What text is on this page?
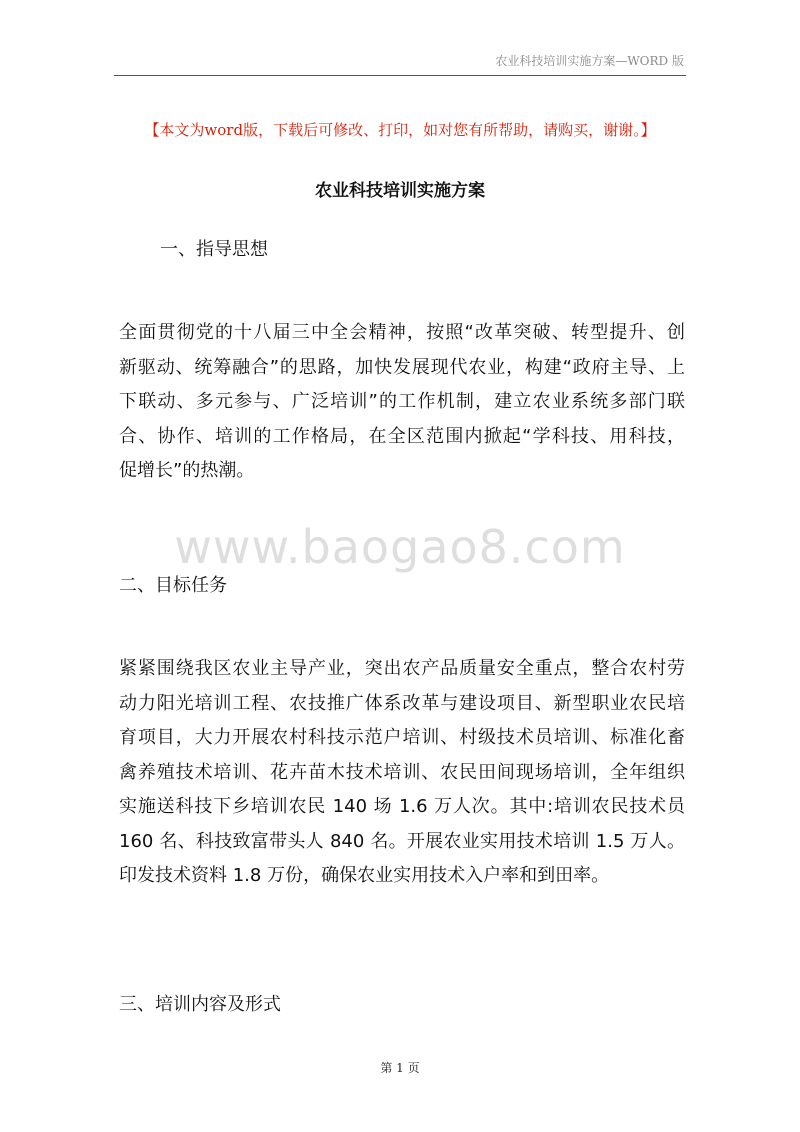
农业科技培训实施方案—WORD 版
【本文为word版，下载后可修改、打印，如对您有所帮助，请购买，谢谢。】
农业科技培训实施方案
一、指导思想
全面贯彻党的十八届三中全会精神，按照“改革突破、转型提升、创
新驱动、统筹融合”的思路，加快发展现代农业，构建“政府主导、上
下联动、多元参与、广泛培训”的工作机制，建立农业系统多部门联
合、协作、培训的工作格局，在全区范围内掀起“学科技、用科技，
促增长”的热潮。
www.baogao8.com
二、目标任务
紧紧围绕我区农业主导产业，突出农产品质量安全重点，整合农村劳
动力阳光培训工程、农技推广体系改革与建设项目、新型职业农民培
育项目，大力开展农村科技示范户培训、村级技术员培训、标准化畜
禽养殖技术培训、花卉苗木技术培训、农民田间现场培训，全年组织
实施送科技下乡培训农民 140 场 1.6 万人次。其中:培训农民技术员
160 名、科技致富带头人 840 名。开展农业实用技术培训 1.5 万人。
印发技术资料 1.8 万份，确保农业实用技术入户率和到田率。
三、培训内容及形式
第 1 页
